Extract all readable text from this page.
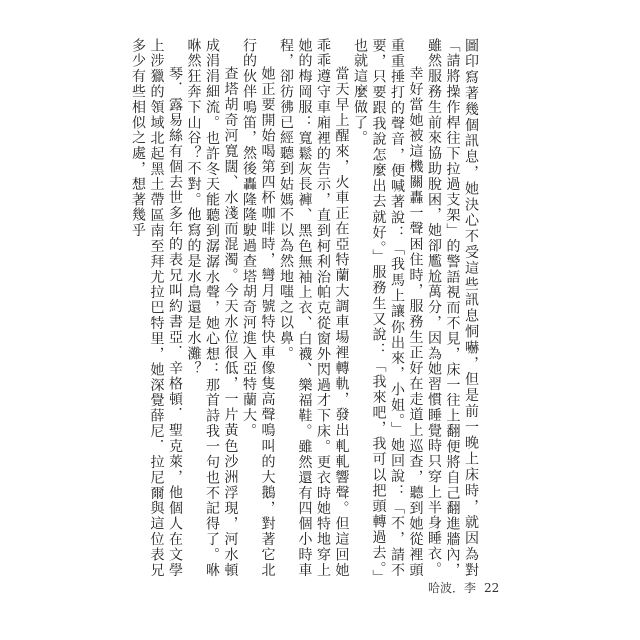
圖印寫著幾個訊息，她決心不受這些訊息恫嚇，但是前一晚上床時，就因為對「請將操作桿往下拉過支架」的警語視而不見，床一往上翻便將自己翻進牆內，雖然服務生前來協助脫困，她卻尷尬萬分，因為她習慣睡覺時只穿上半身睡衣。

幸好當她被這機關轟一聲困住時，服務生正好在走道上巡查，聽到她從裡頭重重捶打的聲音，便喊著說：「我馬上讓你出來，小姐。」她回說：「不，請不要，只要跟我說怎麼出去就好。」服務生又說：「我來吧，我可以把頭轉過去。」也就這麼做了。

當天早上醒來，火車正在亞特蘭大調車場裡轉軌，發出軋軋響聲。但這回她乖乖遵守車廂裡的告示，直到柯利治帕克從窗外閃過才下床。更衣時她特地穿上她的梅岡服：寬鬆灰長褲、黑色無袖上衣、白襪、樂福鞋。雖然還有四個小時車程，卻彷彿已經聽到姑媽不以為然地嗤之以鼻。

她正要開始喝第四杯咖啡時，彎月號特快車像隻高聲鳴叫的大鵝，對著它北行的伙伴鳴笛，然後轟隆隆駛過查塔胡奇河進入亞特蘭大。

查塔胡奇河寬闊、水淺而混濁。今天水位很低，一片黃色沙洲浮現，河水頓成涓涓細流。也許冬天能聽到潺潺水聲，她心想：那首詩我一句也不記得了。咻咻然狂奔下山谷？不對。他寫的是水鳥還是水灘？

琴．露易絲有個去世多年的表兄叫約書亞．辛格頓．聖克萊，他個人在文學上涉獵的領域北起黑土帶區南至拜尤拉巴特里，她深覺薛尼．拉尼爾與這位表兄多少有些相似之處，想著幾乎

哈波．李 22
